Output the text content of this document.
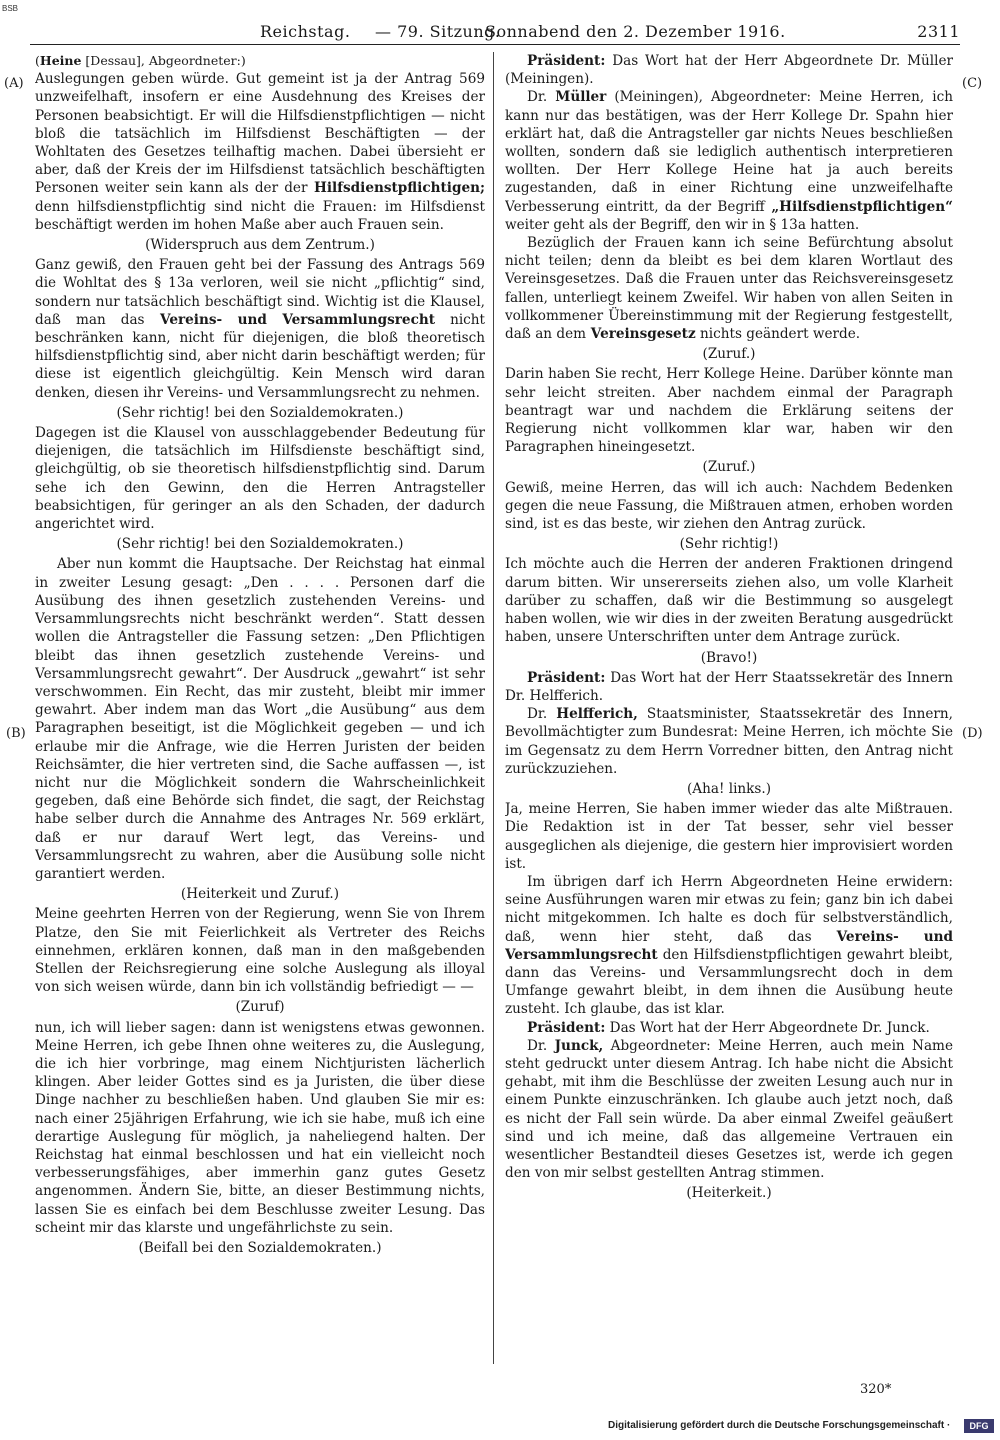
BSB
Reichstag. — 79. Sitzung.
Sonnabend den 2. Dezember 1916.	2311
(A)
(B)
(C)
(D)

(Heine [Dessau], Abgeordneter:)

Auslegungen geben würde. Gut gemeint ist ja der Antrag 569 unzweifelhaft, insofern er eine Ausdehnung des Kreises der Personen beabsichtigt. Er will die Hilfsdienstpflichtigen — nicht bloß die tatsächlich im Hilfsdienst Beschäftigten — der Wohltaten des Gesetzes teilhaftig machen. Dabei übersieht er aber, daß der Kreis der im Hilfsdienst tatsächlich beschäftigten Personen weiter sein kann als der der Hilfsdienstpflichtigen; denn hilfsdienstpflichtig sind nicht die Frauen: im Hilfsdienst beschäftigt werden im hohen Maße aber auch Frauen sein.

(Widerspruch aus dem Zentrum.)

Ganz gewiß, den Frauen geht bei der Fassung des Antrags 569 die Wohltat des § 13a verloren, weil sie nicht „pflichtig“ sind, sondern nur tatsächlich beschäftigt sind. Wichtig ist die Klausel, daß man das Vereins- und Versammlungsrecht nicht beschränken kann, nicht für diejenigen, die bloß theoretisch hilfsdienstpflichtig sind, aber nicht darin beschäftigt werden; für diese ist eigentlich gleichgültig. Kein Mensch wird daran denken, diesen ihr Vereins- und Versammlungsrecht zu nehmen.

(Sehr richtig! bei den Sozialdemokraten.)

Dagegen ist die Klausel von ausschlaggebender Bedeutung für diejenigen, die tatsächlich im Hilfsdienste beschäftigt sind, gleichgültig, ob sie theoretisch hilfsdienstpflichtig sind. Darum sehe ich den Gewinn, den die Herren Antragsteller beabsichtigen, für geringer an als den Schaden, der dadurch angerichtet wird.

(Sehr richtig! bei den Sozialdemokraten.)

Aber nun kommt die Hauptsache. Der Reichstag hat einmal in zweiter Lesung gesagt: „Den . . . . Personen darf die Ausübung des ihnen gesetzlich zustehenden Vereins- und Versammlungsrechts nicht beschränkt werden“. Statt dessen wollen die Antragsteller die Fassung setzen: „Den Pflichtigen bleibt das ihnen gesetzlich zustehende Vereins- und Versammlungsrecht gewahrt“. Der Ausdruck „gewahrt“ ist sehr verschwommen. Ein Recht, das mir zusteht, bleibt mir immer gewahrt. Aber indem man das Wort „die Ausübung“ aus dem Paragraphen beseitigt, ist die Möglichkeit gegeben — und ich erlaube mir die Anfrage, wie die Herren Juristen der beiden Reichsämter, die hier vertreten sind, die Sache auffassen —, ist nicht nur die Möglichkeit sondern die Wahrscheinlichkeit gegeben, daß eine Behörde sich findet, die sagt, der Reichstag habe selber durch die Annahme des Antrages Nr. 569 erklärt, daß er nur darauf Wert legt, das Vereins- und Versammlungsrecht zu wahren, aber die Ausübung solle nicht garantiert werden.

(Heiterkeit und Zuruf.)

Meine geehrten Herren von der Regierung, wenn Sie von Ihrem Platze, den Sie mit Feierlichkeit als Vertreter des Reichs einnehmen, erklären konnen, daß man in den maßgebenden Stellen der Reichsregierung eine solche Auslegung als illoyal von sich weisen würde, dann bin ich vollständig befriedigt — —

(Zuruf)

nun, ich will lieber sagen: dann ist wenigstens etwas gewonnen. Meine Herren, ich gebe Ihnen ohne weiteres zu, die Auslegung, die ich hier vorbringe, mag einem Nichtjuristen lächerlich klingen. Aber leider Gottes sind es ja Juristen, die über diese Dinge nachher zu beschließen haben. Und glauben Sie mir es: nach einer 25jährigen Erfahrung, wie ich sie habe, muß ich eine derartige Auslegung für möglich, ja naheliegend halten. Der Reichstag hat einmal beschlossen und hat ein vielleicht noch verbesserungsfähiges, aber immerhin ganz gutes Gesetz angenommen. Ändern Sie, bitte, an dieser Bestimmung nichts, lassen Sie es einfach bei dem Beschlusse zweiter Lesung. Das scheint mir das klarste und ungefährlichste zu sein.

(Beifall bei den Sozialdemokraten.)

Präsident: Das Wort hat der Herr Abgeordnete Dr. Müller (Meiningen).

Dr. Müller (Meiningen), Abgeordneter: Meine Herren, ich kann nur das bestätigen, was der Herr Kollege Dr. Spahn hier erklärt hat, daß die Antragsteller gar nichts Neues beschließen wollten, sondern daß sie lediglich authentisch interpretieren wollten. Der Herr Kollege Heine hat ja auch bereits zugestanden, daß in einer Richtung eine unzweifelhafte Verbesserung eintritt, da der Begriff „Hilfsdienstpflichtigen“ weiter geht als der Begriff, den wir in § 13a hatten.

Bezüglich der Frauen kann ich seine Befürchtung absolut nicht teilen; denn da bleibt es bei dem klaren Wortlaut des Vereinsgesetzes. Daß die Frauen unter das Reichsvereinsgesetz fallen, unterliegt keinem Zweifel. Wir haben von allen Seiten in vollkommener Übereinstimmung mit der Regierung festgestellt, daß an dem Vereinsgesetz nichts geändert werde.

(Zuruf.)

Darin haben Sie recht, Herr Kollege Heine. Darüber könnte man sehr leicht streiten. Aber nachdem einmal der Paragraph beantragt war und nachdem die Erklärung seitens der Regierung nicht vollkommen klar war, haben wir den Paragraphen hineingesetzt.

(Zuruf.)

Gewiß, meine Herren, das will ich auch: Nachdem Bedenken gegen die neue Fassung, die Mißtrauen atmen, erhoben worden sind, ist es das beste, wir ziehen den Antrag zurück.

(Sehr richtig!)

Ich möchte auch die Herren der anderen Fraktionen dringend darum bitten. Wir unsererseits ziehen also, um volle Klarheit darüber zu schaffen, daß wir die Bestimmung so ausgelegt haben wollen, wie wir dies in der zweiten Beratung ausgedrückt haben, unsere Unterschriften unter dem Antrage zurück.

(Bravo!)

Präsident: Das Wort hat der Herr Staatssekretär des Innern Dr. Helfferich.

Dr. Helfferich, Staatsminister, Staatssekretär des Innern, Bevollmächtigter zum Bundesrat: Meine Herren, ich möchte Sie im Gegensatz zu dem Herrn Vorredner bitten, den Antrag nicht zurückzuziehen.

(Aha! links.)

Ja, meine Herren, Sie haben immer wieder das alte Mißtrauen. Die Redaktion ist in der Tat besser, sehr viel besser ausgeglichen als diejenige, die gestern hier improvisiert worden ist.

Im übrigen darf ich Herrn Abgeordneten Heine erwidern: seine Ausführungen waren mir etwas zu fein; ganz bin ich dabei nicht mitgekommen. Ich halte es doch für selbstverständlich, daß, wenn hier steht, daß das Vereins- und Versammlungsrecht den Hilfsdienstpflichtigen gewahrt bleibt, dann das Vereins- und Versammlungsrecht doch in dem Umfange gewahrt bleibt, in dem ihnen die Ausübung heute zusteht. Ich glaube, das ist klar.

Präsident: Das Wort hat der Herr Abgeordnete Dr. Junck.

Dr. Junck, Abgeordneter: Meine Herren, auch mein Name steht gedruckt unter diesem Antrag. Ich habe nicht die Absicht gehabt, mit ihm die Beschlüsse der zweiten Lesung auch nur in einem Punkte einzuschränken. Ich glaube auch jetzt noch, daß es nicht der Fall sein würde. Da aber einmal Zweifel geäußert sind und ich meine, daß das allgemeine Vertrauen ein wesentlicher Bestandteil dieses Gesetzes ist, werde ich gegen den von mir selbst gestellten Antrag stimmen.

(Heiterkeit.)

320*
Digitalisierung gefördert durch die Deutsche Forschungsgemeinschaft ·	DFG
